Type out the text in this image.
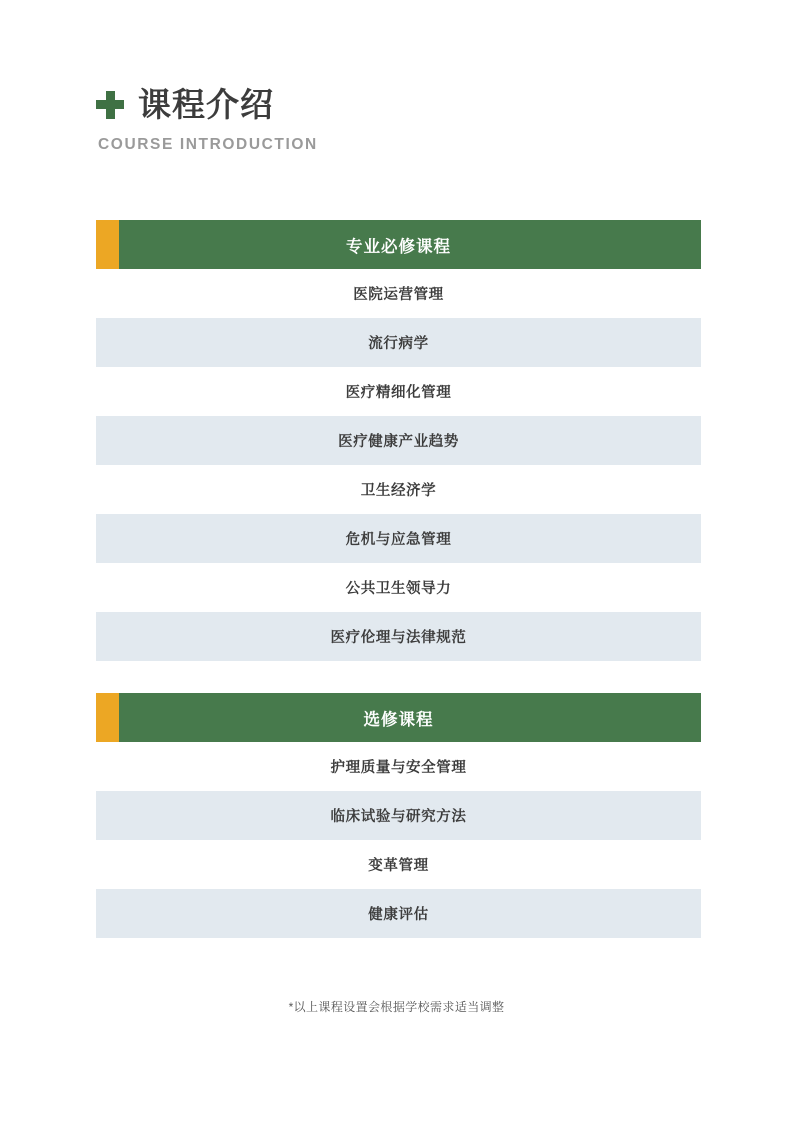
课程介绍
COURSE INTRODUCTION
专业必修课程
医院运营管理
流行病学
医疗精细化管理
医疗健康产业趋势
卫生经济学
危机与应急管理
公共卫生领导力
医疗伦理与法律规范
选修课程
护理质量与安全管理
临床试验与研究方法
变革管理
健康评估
*以上课程设置会根据学校需求适当调整
